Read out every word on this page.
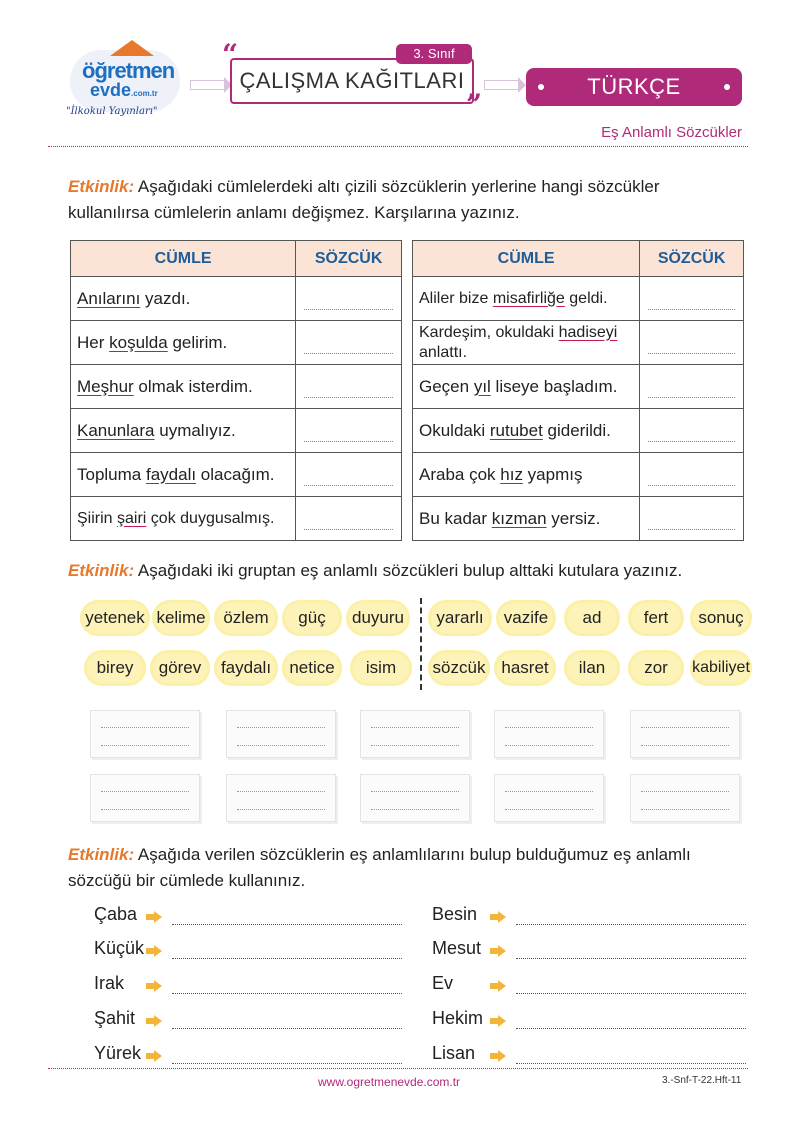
öğretmen
evde.com.tr
"İlkokul Yayınları"
“
ÇALIŞMA KAĞITLARI
3. Sınıf
”
TÜRKÇE
Eş Anlamlı Sözcükler
Etkinlik: Aşağıdaki cümlelerdeki altı çizili sözcüklerin yerlerine hangi sözcükler kullanılırsa cümlelerin anlamı değişmez. Karşılarına yazınız.
CÜMLE	SÖZCÜK
Anılarını yazdı.	
Her koşulda gelirim.	
Meşhur olmak isterdim.	
Kanunlara uymalıyız.	
Topluma faydalı olacağım.	
Şiirin şairi çok duygusalmış.	
CÜMLE	SÖZCÜK
Aliler bize misafirliğe geldi.	
Kardeşim, okuldaki hadiseyi anlattı.	
Geçen yıl liseye başladım.	
Okuldaki rutubet giderildi.	
Araba çok hız yapmış	
Bu kadar kızman yersiz.	
Etkinlik: Aşağıdaki iki gruptan eş anlamlı sözcükleri bulup alttaki kutulara yazınız.
yetenek kelime	özlem	güç	duyuru
birey	görev	faydalı	netice	isim
yararlı	vazife	ad	fert	sonuç
sözcük hasret	ilan	zor	kabiliyet
Etkinlik: Aşağıda verilen sözcüklerin eş anlamlılarını bulup bulduğumuz eş anlamlı sözcüğü bir cümlede kullanınız.
Çaba
Küçük
Irak
Şahit
Yürek
Besin
Mesut
Ev
Hekim
Lisan
www.ogretmenevde.com.tr	3.-Snf-T-22.Hft-11
